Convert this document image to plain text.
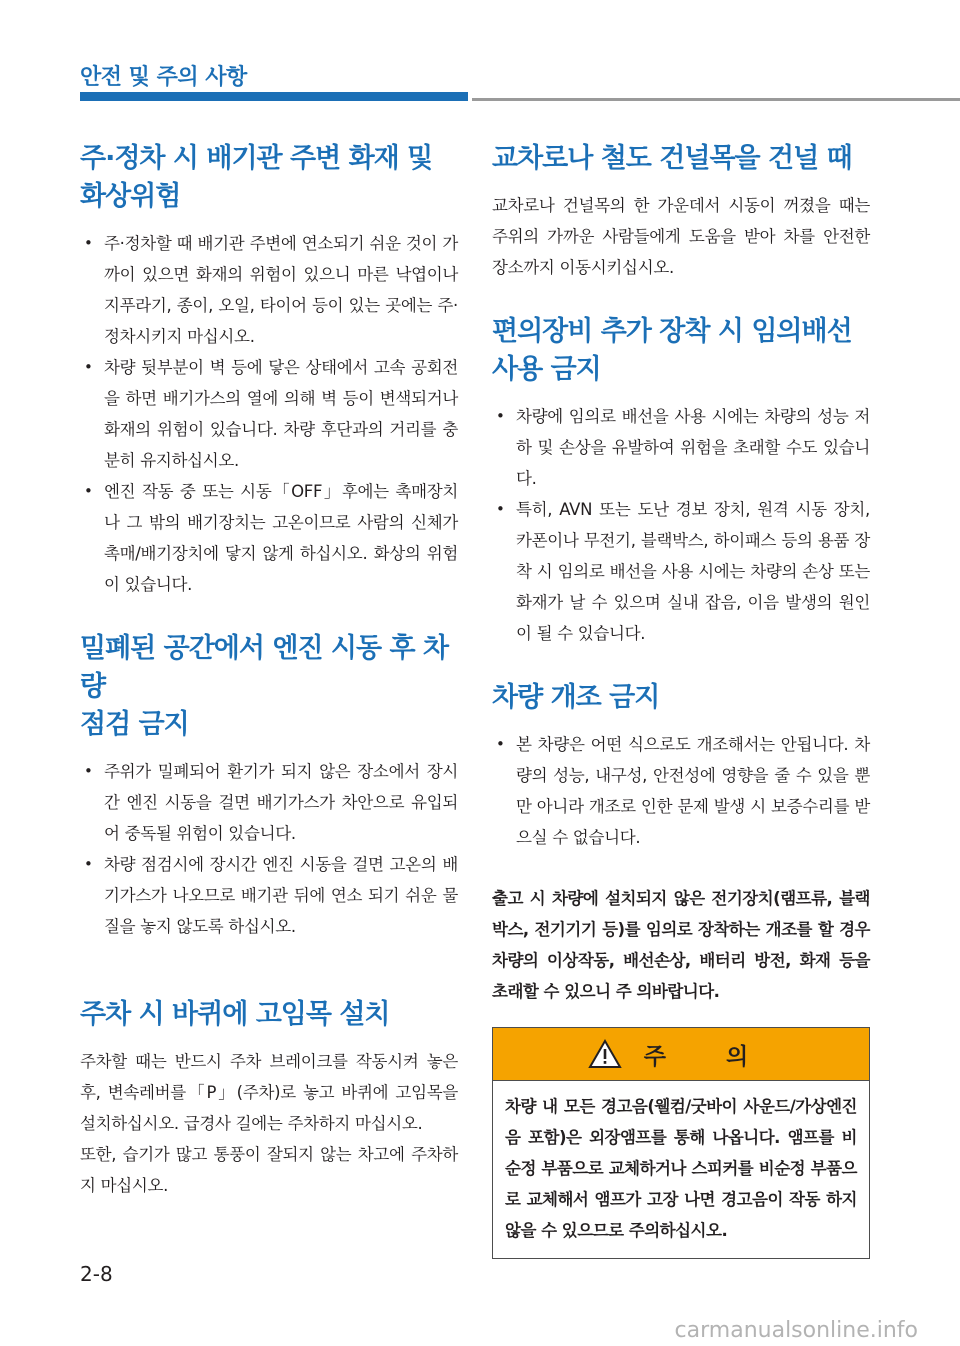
안전 및 주의 사항
주·정차 시 배기관 주변 화재 및
화상위험
• 주·정차할 때 배기관 주변에 연소되기 쉬운 것이 가까이 있으면 화재의 위험이 있으니 마른 낙엽이나 지푸라기, 종이, 오일, 타이어 등이 있는 곳에는 주·정차시키지 마십시오.
• 차량 뒷부분이 벽 등에 닿은 상태에서 고속 공회전을 하면 배기가스의 열에 의해 벽 등이 변색되거나 화재의 위험이 있습니다. 차량 후단과의 거리를 충분히 유지하십시오.
• 엔진 작동 중 또는 시동「OFF」후에는 촉매장치나 그 밖의 배기장치는 고온이므로 사람의 신체가 촉매/배기장치에 닿지 않게 하십시오. 화상의 위험이 있습니다.
밀폐된 공간에서 엔진 시동 후 차량
점검 금지
• 주위가 밀폐되어 환기가 되지 않은 장소에서 장시간 엔진 시동을 걸면 배기가스가 차안으로 유입되어 중독될 위험이 있습니다.
• 차량 점검시에 장시간 엔진 시동을 걸면 고온의 배기가스가 나오므로 배기관 뒤에 연소 되기 쉬운 물질을 놓지 않도록 하십시오.
주차 시 바퀴에 고임목 설치

주차할 때는 반드시 주차 브레이크를 작동시켜 놓은 후, 변속레버를「P」(주차)로 놓고 바퀴에 고임목을 설치하십시오. 급경사 길에는 주차하지 마십시오.

또한, 습기가 많고 통풍이 잘되지 않는 차고에 주차하지 마십시오.

교차로나 철도 건널목을 건널 때

교차로나 건널목의 한 가운데서 시동이 꺼졌을 때는 주위의 가까운 사람들에게 도움을 받아 차를 안전한 장소까지 이동시키십시오.

편의장비 추가 장착 시 임의배선
사용 금지
• 차량에 임의로 배선을 사용 시에는 차량의 성능 저하 및 손상을 유발하여 위험을 초래할 수도 있습니다.
• 특히, AVN 또는 도난 경보 장치, 원격 시동 장치, 카폰이나 무전기, 블랙박스, 하이패스 등의 용품 장착 시 임의로 배선을 사용 시에는 차량의 손상 또는 화재가 날 수 있으며 실내 잡음, 이음 발생의 원인이 될 수 있습니다.
차량 개조 금지
• 본 차량은 어떤 식으로도 개조해서는 안됩니다. 차량의 성능, 내구성, 안전성에 영향을 줄 수 있을 뿐만 아니라 개조로 인한 문제 발생 시 보증수리를 받으실 수 없습니다.

출고 시 차량에 설치되지 않은 전기장치(램프류, 블랙박스, 전기기기 등)를 임의로 장착하는 개조를 할 경우 차량의 이상작동, 배선손상, 배터리 방전, 화재 등을 초래할 수 있으니 주 의바랍니다.

주 의
차량 내 모든 경고음(웰컴/굿바이 사운드/가상엔진음 포함)은 외장앰프를 통해 나옵니다. 앰프를 비순정 부품으로 교체하거나 스피커를 비순정 부품으로 교체해서 앰프가 고장 나면 경고음이 작동 하지 않을 수 있으므로 주의하십시오.
2-8
carmanualsonline.info
